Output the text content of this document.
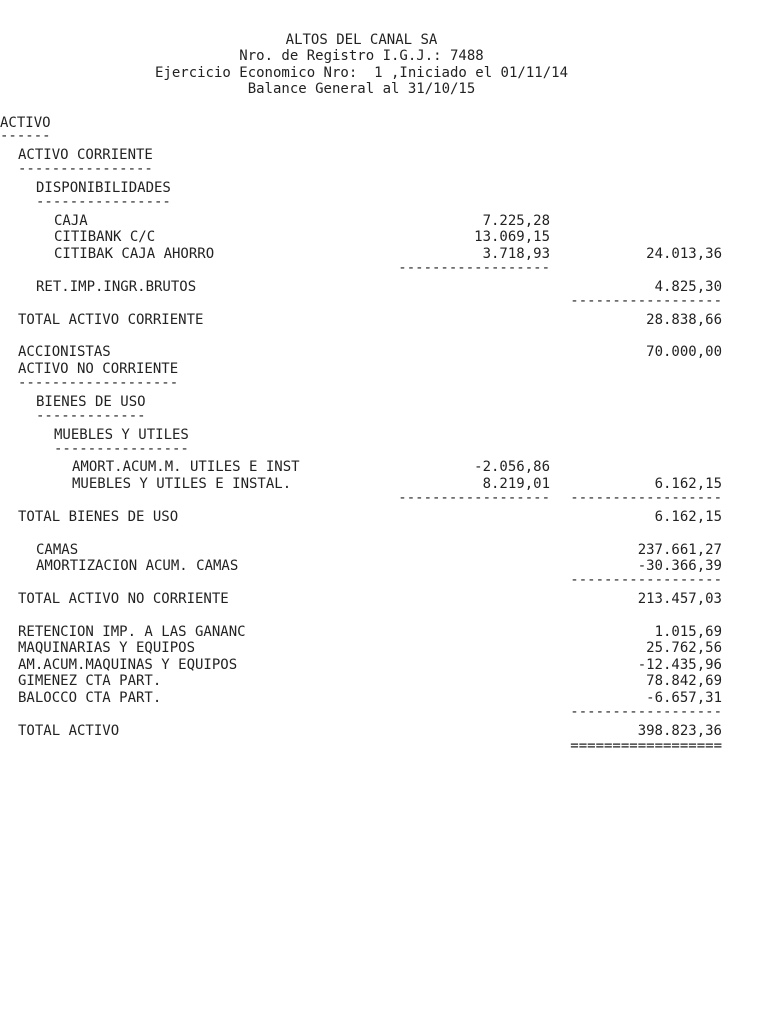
ALTOS DEL CANAL SA
Nro. de Registro I.G.J.: 7488
Ejercicio Economico Nro:  1 ,Iniciado el 01/11/14
Balance General al 31/10/15
ACTIVO
------
ACTIVO CORRIENTE
----------------
DISPONIBILIDADES
----------------
CAJA	7.225,28
CITIBANK C/C	13.069,15
CITIBAK CAJA AHORRO	3.718,93	24.013,36
------------------
RET.IMP.INGR.BRUTOS	4.825,30
------------------
TOTAL ACTIVO CORRIENTE	28.838,66
ACCIONISTAS	70.000,00
ACTIVO NO CORRIENTE
-------------------
BIENES DE USO
-------------
MUEBLES Y UTILES
----------------
AMORT.ACUM.M. UTILES E INST	-2.056,86
MUEBLES Y UTILES E INSTAL.	8.219,01	6.162,15
------------------ ------------------
TOTAL BIENES DE USO	6.162,15
CAMAS	237.661,27
AMORTIZACION ACUM. CAMAS	-30.366,39
------------------
TOTAL ACTIVO NO CORRIENTE	213.457,03
RETENCION IMP. A LAS GANANC	1.015,69
MAQUINARIAS Y EQUIPOS	25.762,56
AM.ACUM.MAQUINAS Y EQUIPOS	-12.435,96
GIMENEZ CTA PART.	78.842,69
BALOCCO CTA PART.	-6.657,31
------------------
TOTAL ACTIVO	398.823,36
==================
